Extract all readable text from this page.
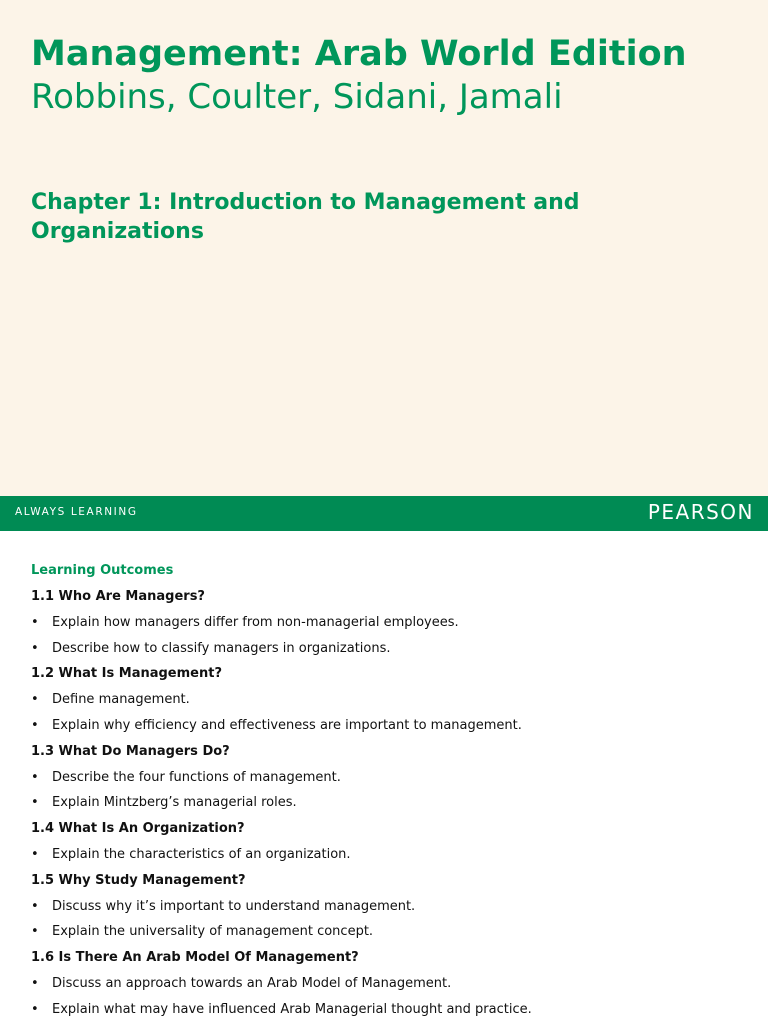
Management: Arab World Edition

Robbins, Coulter, Sidani, Jamali

Chapter 1: Introduction to Management and Organizations
ALWAYS LEARNING	PEARSON
Learning Outcomes
1.1 Who Are Managers?
• Explain how managers differ from non-managerial employees.
• Describe how to classify managers in organizations.
1.2 What Is Management?
• Define management.
• Explain why efficiency and effectiveness are important to management.
1.3 What Do Managers Do?
• Describe the four functions of management.
• Explain Mintzberg’s managerial roles.
1.4 What Is An Organization?
• Explain the characteristics of an organization.
1.5 Why Study Management?
• Discuss why it’s important to understand management.
• Explain the universality of management concept.
1.6 Is There An Arab Model Of Management?
• Discuss an approach towards an Arab Model of Management.
• Explain what may have influenced Arab Managerial thought and practice.
